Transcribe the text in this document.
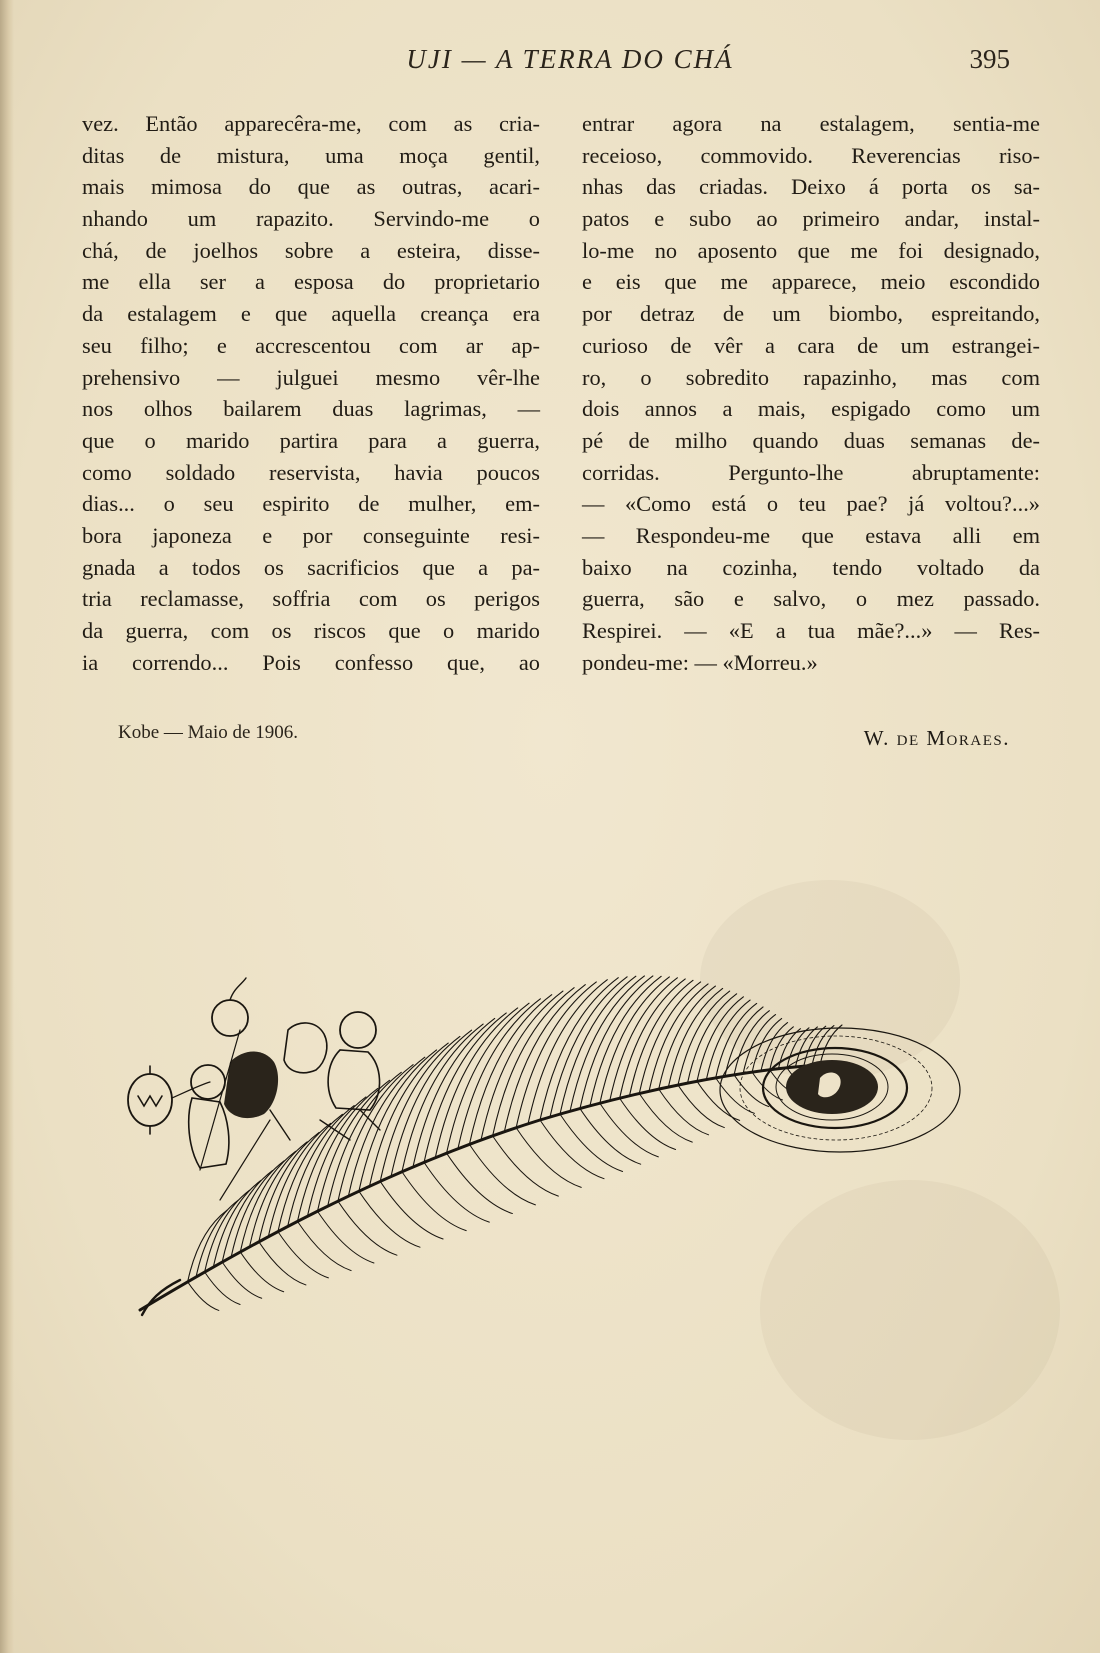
UJI — A TERRA DO CHÁ	395
vez. Então apparecêra-me, com as cria-
ditas de mistura, uma moça gentil,
mais mimosa do que as outras, acari-
nhando um rapazito. Servindo-me o
chá, de joelhos sobre a esteira, disse-
me ella ser a esposa do proprietario
da estalagem e que aquella creança era
seu filho; e accrescentou com ar ap-
prehensivo — julguei mesmo vêr-lhe
nos olhos bailarem duas lagrimas, —
que o marido partira para a guerra,
como soldado reservista, havia poucos
dias... o seu espirito de mulher, em-
bora japoneza e por conseguinte resi-
gnada a todos os sacrificios que a pa-
tria reclamasse, soffria com os perigos
da guerra, com os riscos que o marido
ia correndo... Pois confesso que, ao
entrar agora na estalagem, sentia-me
receioso, commovido. Reverencias riso-
nhas das criadas. Deixo á porta os sa-
patos e subo ao primeiro andar, instal-
lo-me no aposento que me foi designado,
e eis que me apparece, meio escondido
por detraz de um biombo, espreitando,
curioso de vêr a cara de um estrangei-
ro, o sobredito rapazinho, mas com
dois annos a mais, espigado como um
pé de milho quando duas semanas de-
corridas. Pergunto-lhe abruptamente:
— «Como está o teu pae? já voltou?...»
— Respondeu-me que estava alli em
baixo na cozinha, tendo voltado da
guerra, são e salvo, o mez passado.
Respirei. — «E a tua mãe?...» — Res-
pondeu-me: — «Morreu.»
Kobe — Maio de 1906.	W. de Moraes.
